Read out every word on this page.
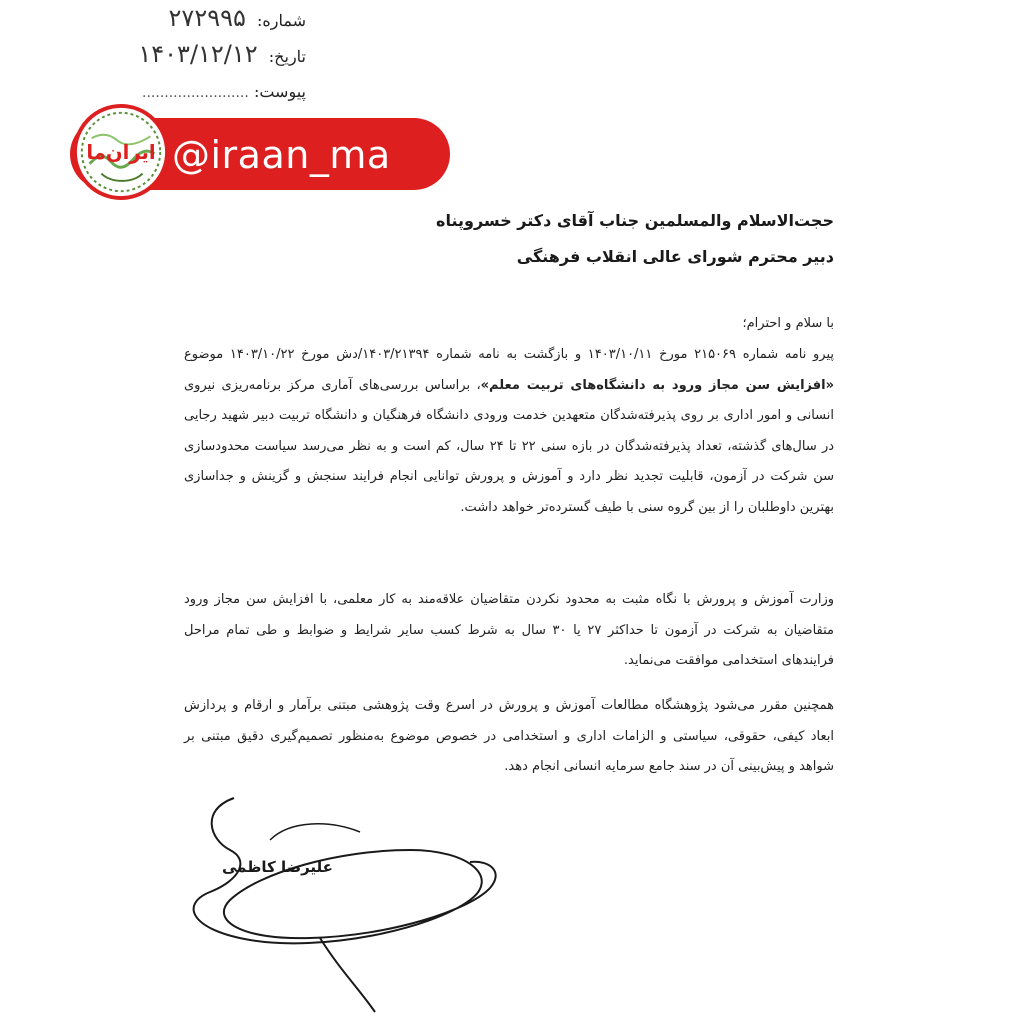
شماره: ۲۷۲۹۹۵
تاریخ: ۱۴۰۳/۱۲/۱۲
پیوست: ........................
ایران‌ما @iraan_ma
حجت‌الاسلام والمسلمین جناب آقای دکتر خسروپناه
دبیر محترم شورای عالی انقلاب فرهنگی
با سلام و احترام؛
پیرو نامه شماره ۲۱۵۰۶۹ مورخ ۱۴۰۳/۱۰/۱۱ و بازگشت به نامه شماره ۱۴۰۳/۲۱۳۹۴/دش مورخ ۱۴۰۳/۱۰/۲۲ موضوع «افزایش سن مجاز ورود به دانشگاه‌های تربیت معلم»، براساس بررسی‌های آماری مرکز برنامه‌ریزی نیروی انسانی و امور اداری بر روی پذیرفته‌شدگان متعهدین خدمت ورودی دانشگاه فرهنگیان و دانشگاه تربیت دبیر شهید رجایی در سال‌های گذشته، تعداد پذیرفته‌شدگان در بازه سنی ۲۲ تا ۲۴ سال، کم است و به نظر می‌رسد سیاست محدودسازی سن شرکت در آزمون، قابلیت تجدید نظر دارد و آموزش و پرورش توانایی انجام فرایند سنجش و گزینش و جداسازی بهترین داوطلبان را از بین گروه سنی با طیف گسترده‌تر خواهد داشت.
وزارت آموزش و پرورش با نگاه مثبت به محدود نکردن متقاضیان علاقه‌مند به کار معلمی، با افزایش سن مجاز ورود متقاضیان به شرکت در آزمون تا حداکثر ۲۷ یا ۳۰ سال به شرط کسب سایر شرایط و ضوابط و طی تمام مراحل فرایندهای استخدامی موافقت می‌نماید.
همچنین مقرر می‌شود پژوهشگاه مطالعات آموزش و پرورش در اسرع وقت پژوهشی مبتنی برآمار و ارقام و پردازش ابعاد کیفی، حقوقی، سیاستی و الزامات اداری و استخدامی در خصوص موضوع به‌منظور تصمیم‌گیری دقیق مبتنی بر شواهد و پیش‌بینی آن در سند جامع سرمایه انسانی انجام دهد.
علیرضا کاظمی
